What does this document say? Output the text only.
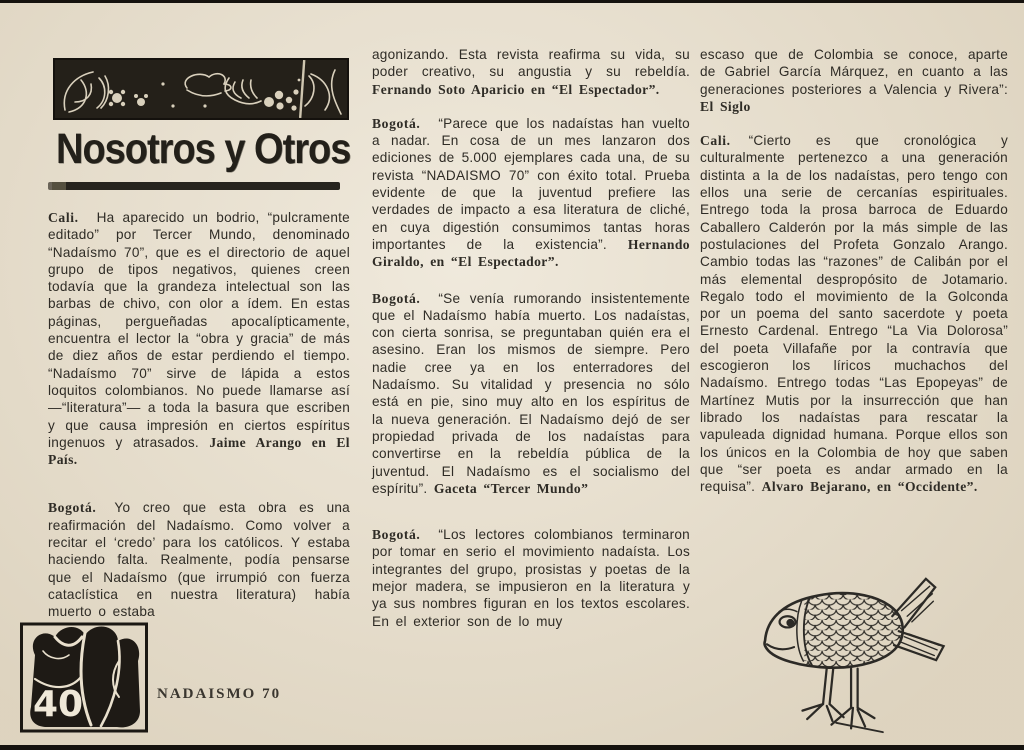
Nosotros y Otros

Cali. Ha aparecido un bodrio, “pulcramente editado” por Tercer Mundo, denominado “Nadaísmo 70”, que es el directorio de aquel grupo de tipos negativos, quienes creen todavía que la grandeza intelectual son las barbas de chivo, con olor a ídem. En estas páginas, pergueñadas apocalípticamente, encuentra el lector la “obra y gracia” de más de diez años de estar perdiendo el tiempo. “Nadaísmo 70” sirve de lápida a estos loquitos colombianos. No puede llamarse así —“literatura”— a toda la basura que escriben y que causa impresión en ciertos espíritus ingenuos y atrasados. Jaime Arango en El País.

Bogotá. Yo creo que esta obra es una reafirmación del Nadaísmo. Como volver a recitar el ‘credo’ para los católicos. Y estaba haciendo falta. Realmente, podía pensarse que el Nadaísmo (que irrumpió con fuerza cataclística en nuestra literatura) había muerto o estaba

agonizando. Esta revista reafirma su vida, su poder creativo, su angustia y su rebeldía. Fernando Soto Aparicio en “El Espectador”.

Bogotá. “Parece que los nadaístas han vuelto a nadar. En cosa de un mes lanzaron dos ediciones de 5.000 ejemplares cada una, de su revista “NADAISMO 70” con éxito total. Prueba evidente de que la juventud prefiere las verdades de impacto a esa literatura de cliché, en cuya digestión consumimos tantas horas importantes de la existencia”. Hernando Giraldo, en “El Espectador”.

Bogotá. “Se venía rumorando insistentemente que el Nadaísmo había muerto. Los nadaístas, con cierta sonrisa, se preguntaban quién era el asesino. Eran los mismos de siempre. Pero nadie cree ya en los enterradores del Nadaísmo. Su vitalidad y presencia no sólo está en pie, sino muy alto en los espíritus de la nueva generación. El Nadaísmo dejó de ser propiedad privada de los nadaístas para convertirse en la rebeldía pública de la juventud. El Nadaísmo es el socialismo del espíritu”. Gaceta “Tercer Mundo”

Bogotá. “Los lectores colombianos terminaron por tomar en serio el movimiento nadaísta. Los integrantes del grupo, prosistas y poetas de la mejor madera, se impusieron en la literatura y ya sus nombres figuran en los textos escolares. En el exterior son de lo muy

escaso que de Colombia se conoce, aparte de Gabriel García Márquez, en cuanto a las generaciones posteriores a Valencia y Rivera”: El Siglo

Cali. “Cierto es que cronológica y culturalmente pertenezco a una generación distinta a la de los nadaístas, pero tengo con ellos una serie de cercanías espirituales. Entrego toda la prosa barroca de Eduardo Caballero Calderón por la más simple de las postulaciones del Profeta Gonzalo Arango. Cambio todas las “razones” de Calibán por el más elemental despropósito de Jotamario. Regalo todo el movimiento de la Golconda por un poema del santo sacerdote y poeta Ernesto Cardenal. Entrego “La Via Dolorosa” del poeta Villafañe por la contravía que escogieron los líricos muchachos del Nadaísmo. Entrego todas “Las Epopeyas” de Martínez Mutis por la insurrección que han librado los nadaístas para rescatar la vapuleada dignidad humana. Porque ellos son los únicos en la Colombia de hoy que saben que “ser poeta es andar armado en la requisa”. Alvaro Bejarano, en “Occidente”.

40	NADAISMO 70
